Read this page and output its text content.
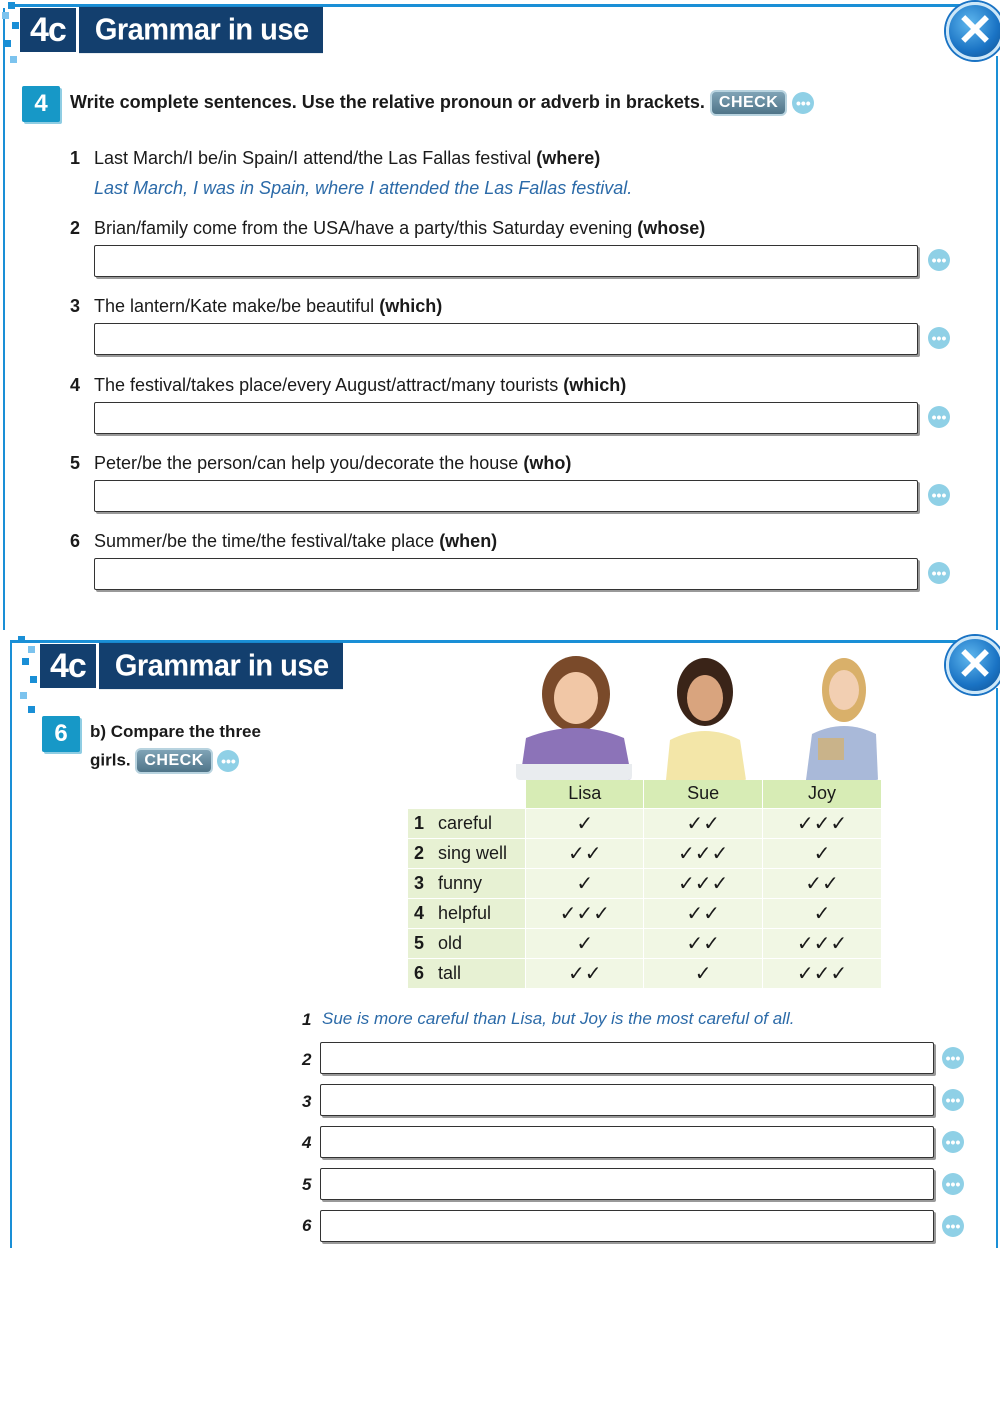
4c	Grammar in use	✕
4	Write complete sentences. Use the relative pronoun or adverb in brackets. CHECK •••
1 Last March/I be/in Spain/I attend/the Las Fallas festival (where)
Last March, I was in Spain, where I attended the Las Fallas festival.
2 Brian/family come from the USA/have a party/this Saturday evening (whose)
•••
3 The lantern/Kate make/be beautiful (which)
•••
4 The festival/takes place/every August/attract/many tourists (which)
•••
5 Peter/be the person/can help you/decorate the house (who)
•••
6 Summer/be the time/the festival/take place (when)
•••
4c	Grammar in use	✕
6	b) Compare the three
girls. CHECK •••
	Lisa	Sue	Joy
1 careful	✓	✓✓	✓✓✓
2 sing well	✓✓	✓✓✓	✓
3 funny	✓	✓✓✓	✓✓
4 helpful	✓✓✓	✓✓	✓
5 old	✓	✓✓	✓✓✓
6 tall	✓✓	✓	✓✓✓
1 Sue is more careful than Lisa, but Joy is the most careful of all.
2	•••
3	•••
4	•••
5	•••
6	•••
